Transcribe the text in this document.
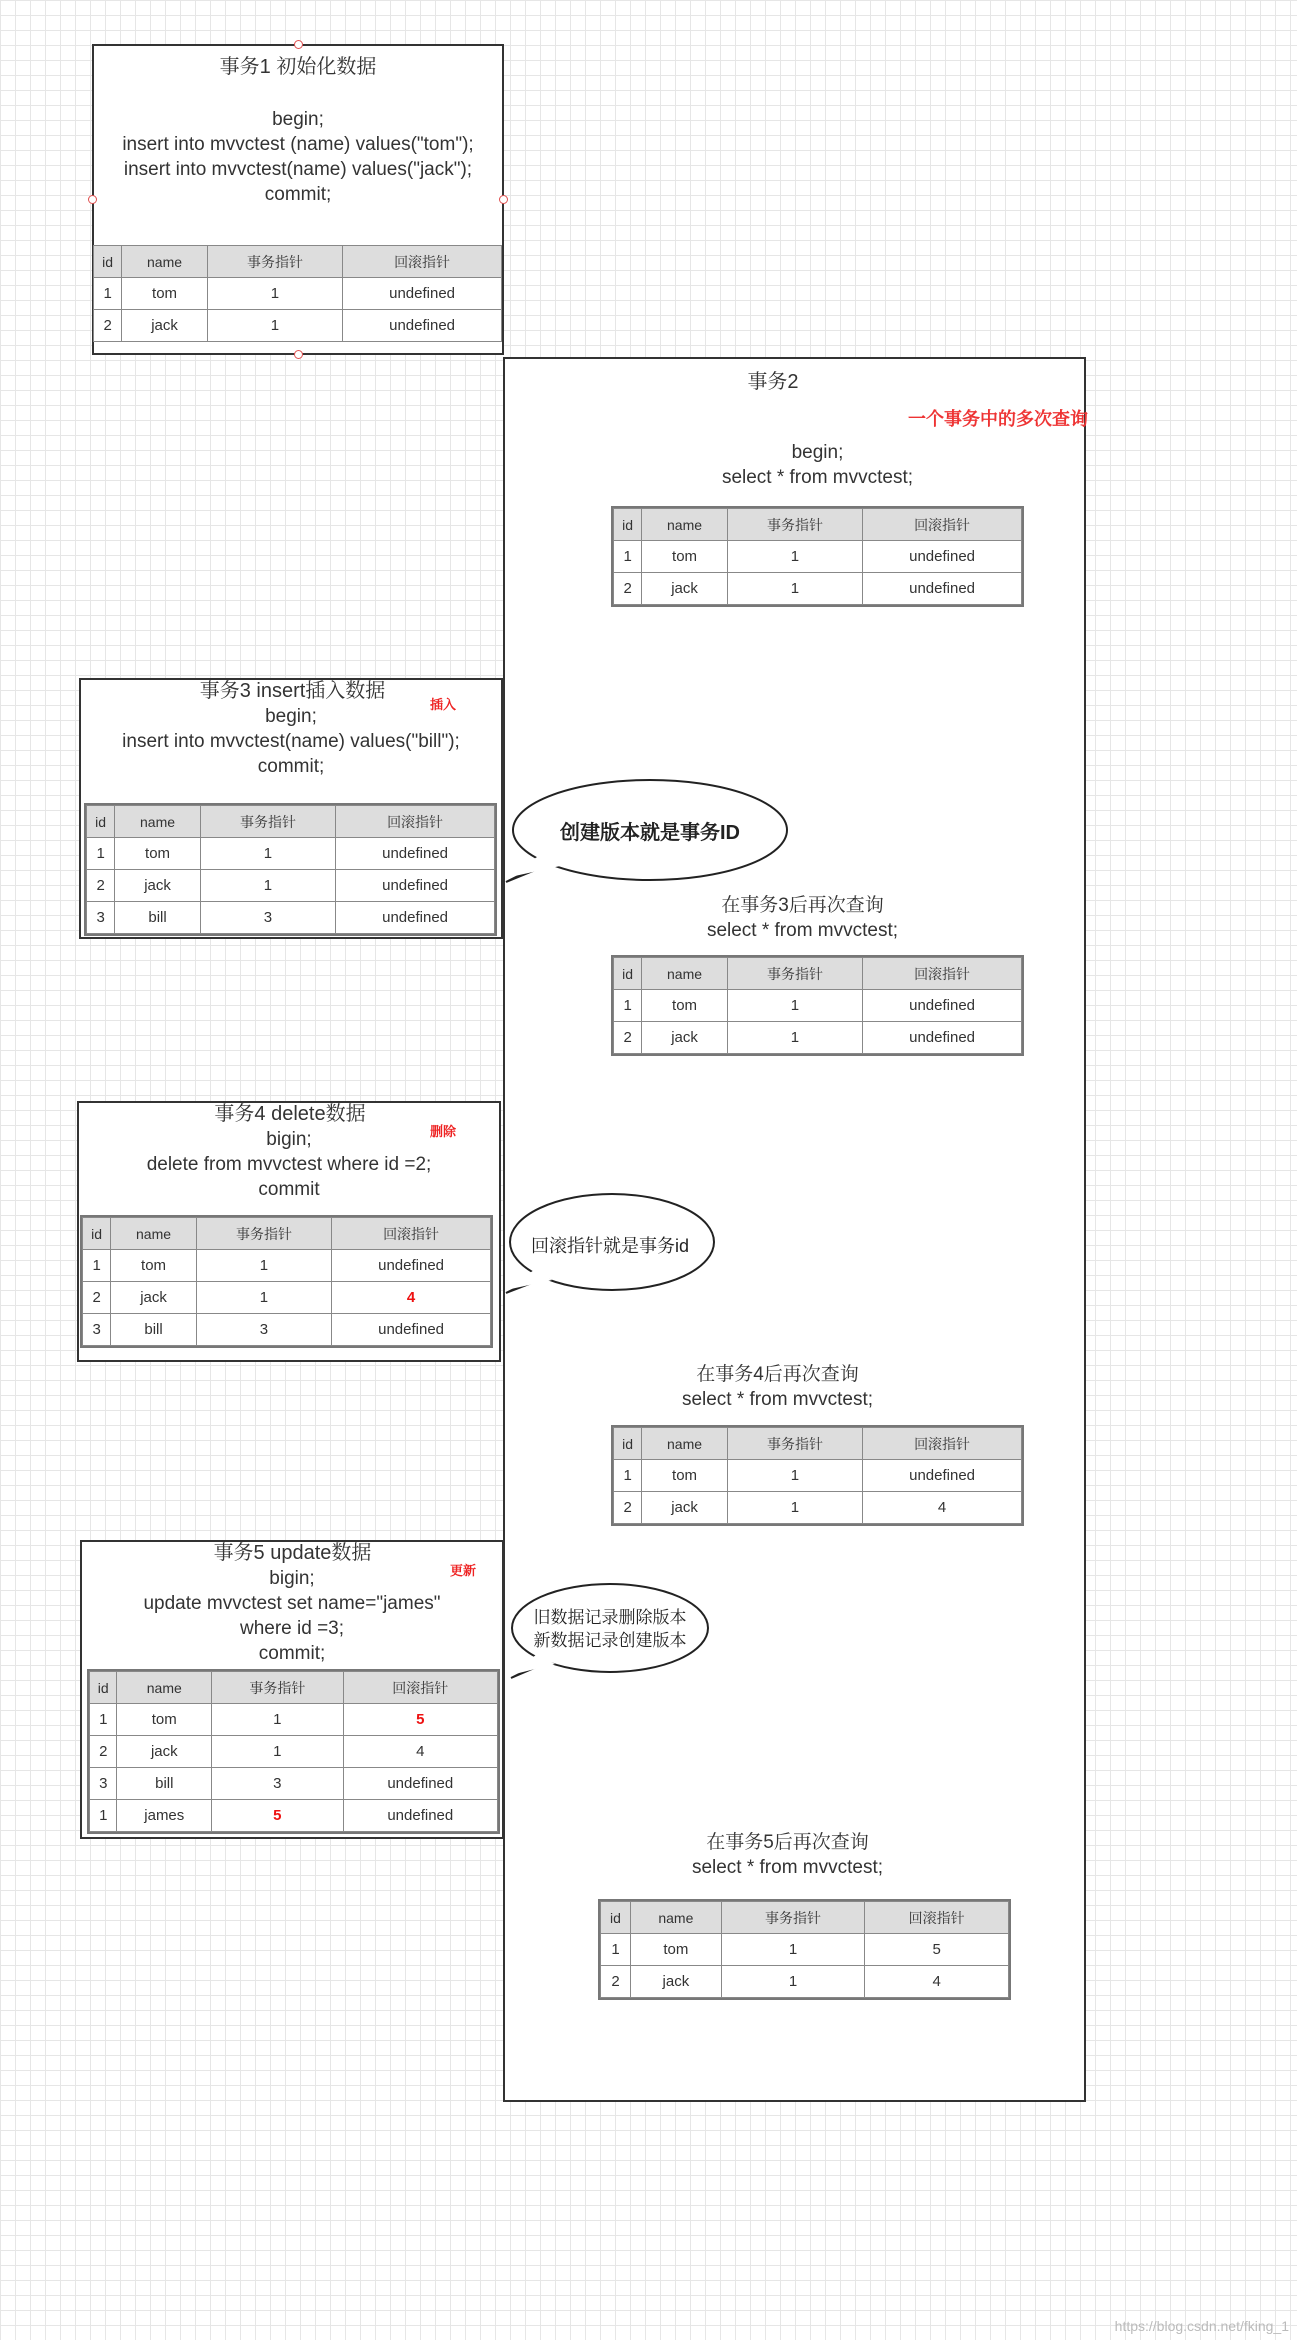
事务1 初始化数据
begin;
insert into mvvctest (name) values("tom");
insert into mvvctest(name) values("jack");
commit;
id	name	事务指针	回滚指针
1	tom	1	undefined
2	jack	1	undefined
事务2
一个事务中的多次查询
begin;
select * from mvvctest;
id	name	事务指针	回滚指针
1	tom	1	undefined
2	jack	1	undefined
在事务3后再次查询
select * from mvvctest;
id	name	事务指针	回滚指针
1	tom	1	undefined
2	jack	1	undefined
在事务4后再次查询
select * from mvvctest;
id	name	事务指针	回滚指针
1	tom	1	undefined
2	jack	1	4
在事务5后再次查询
select * from mvvctest;
id	name	事务指针	回滚指针
1	tom	1	5
2	jack	1	4
事务3 insert插入数据
插入
begin;
insert into mvvctest(name) values("bill");
commit;
id	name	事务指针	回滚指针
1	tom	1	undefined
2	jack	1	undefined
3	bill	3	undefined
事务4 delete数据
删除
bigin;
delete from mvvctest where id =2;
commit
id	name	事务指针	回滚指针
1	tom	1	undefined
2	jack	1	4
3	bill	3	undefined
事务5 update数据
更新
bigin;
update mvvctest set name="james"
where id =3;
commit;
id	name	事务指针	回滚指针
1	tom	1	5
2	jack	1	4
3	bill	3	undefined
1	james	5	undefined
创建版本就是事务ID
回滚指针就是事务id
旧数据记录删除版本
新数据记录创建版本
https://blog.csdn.net/fking_1
